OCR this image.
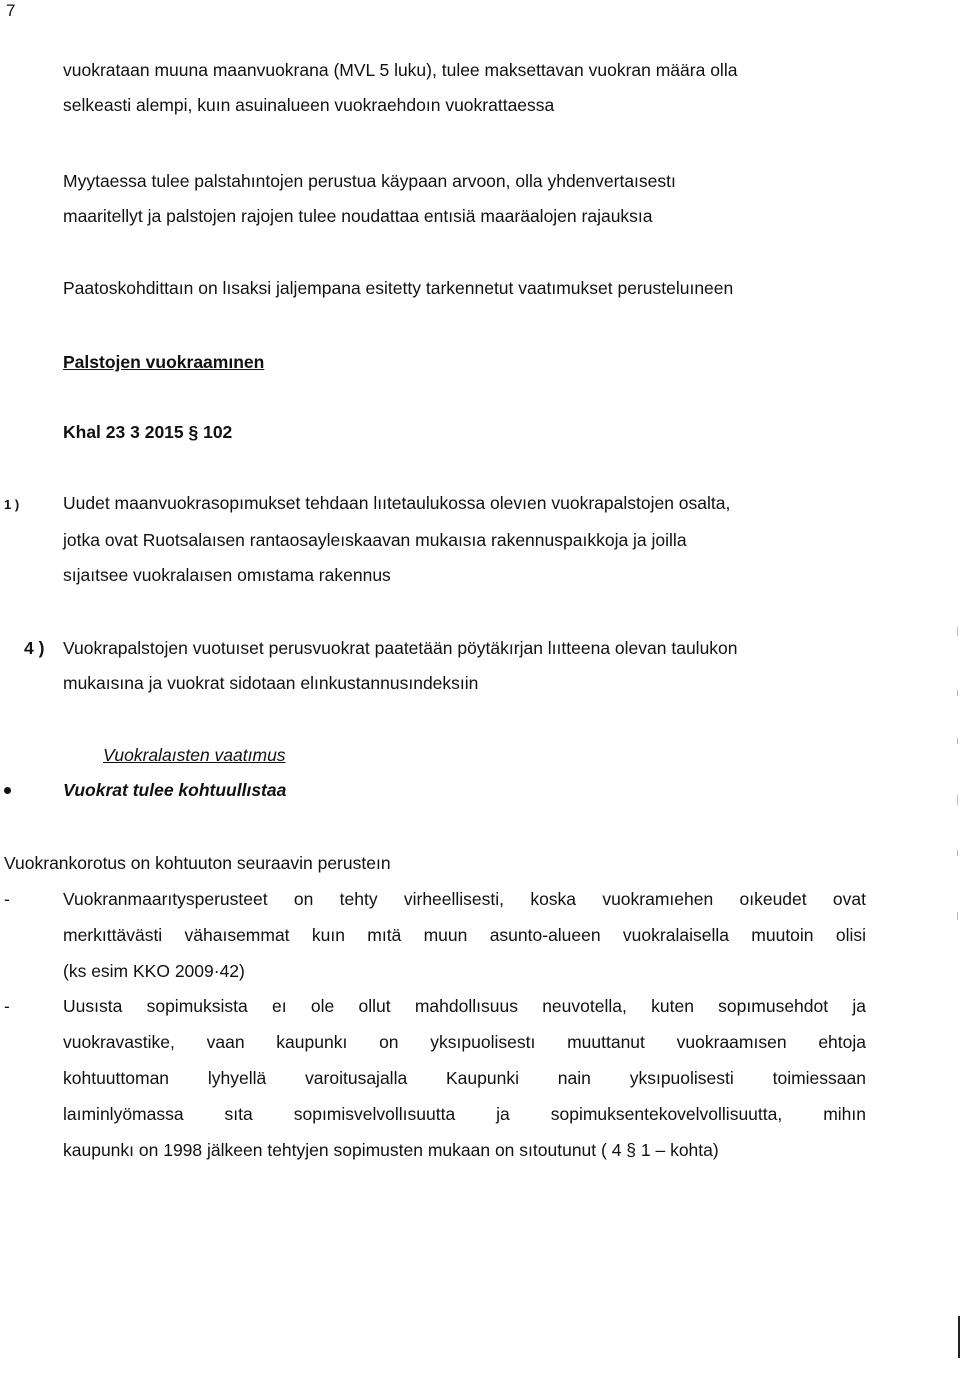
7
vuokrataan muuna maanvuokrana (MVL 5 luku), tulee maksettavan vuokran määra olla
selkeasti alempi, kuın asuinalueen vuokraehdoın vuokrattaessa
Myytaessa tulee palstahıntojen perustua käypaan arvoon, olla yhdenvertaısestı
maaritellyt ja palstojen rajojen tulee noudattaa entısiä maaräalojen rajauksıa
Paatoskohdittaın on lısaksi jaljempana esitetty tarkennetut vaatımukset perusteluıneen
Palstojen vuokraamınen
Khal 23 3 2015 § 102
1 )	Uudet maanvuokrasopımukset tehdaan lııtetaulukossa olevıen vuokrapalstojen osalta,
jotka ovat Ruotsalaısen rantaosayleıskaavan mukaısıa rakennuspaıkkoja ja joilla
sıjaıtsee vuokralaısen omıstama rakennus
4 ) Vuokrapalstojen vuotuıset perusvuokrat paatetään pöytäkırjan lııtteena olevan taulukon
mukaısına ja vuokrat sidotaan elınkustannusındeksıin
Vuokralaısten vaatımus
Vuokrat tulee kohtuullıstaa
Vuokrankorotus on kohtuuton seuraavin perusteın
-	Vuokranmaarıtysperusteet on tehty virheellisesti, koska vuokramıehen oıkeudet ovat
merkıttävästi vähaısemmat kuın mıtä muun asunto-alueen vuokralaisella muutoin olisi
(ks esim KKO 2009·42)
-	Uusısta sopimuksista eı ole ollut mahdollısuus neuvotella, kuten sopımusehdot ja
vuokravastike, vaan kaupunkı on yksıpuolisestı muuttanut vuokraamısen ehtoja
kohtuuttoman lyhyellä varoitusajalla Kaupunki nain yksıpuolisesti toimiessaan
laıminlyömassa sıta sopımisvelvollısuutta ja sopimuksentekovelvollisuutta, mihın
kaupunkı on 1998 jälkeen tehtyjen sopimusten mukaan on sıtoutunut ( 4 § 1 – kohta)
